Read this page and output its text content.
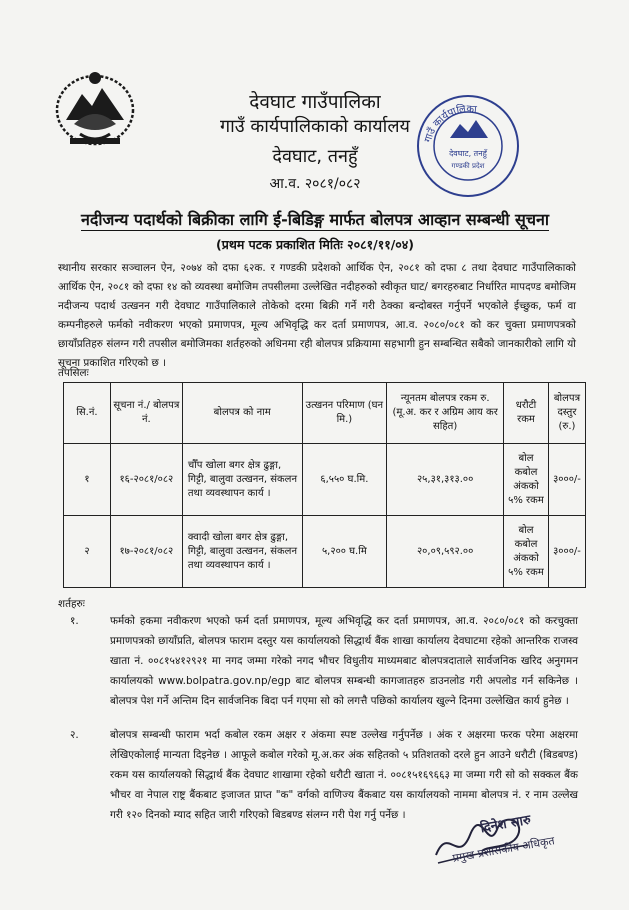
देवघाट गाउँपालिका
गाउँ कार्यपालिकाको कार्यालय
देवघाट, तनहुँ
आ.व. २०८१/०८२
गाउँ कार्यपालिका
देवघाट, तनहुँ
गण्डकी प्रदेश
नदीजन्य पदार्थको बिक्रीका लागि ई-बिडिङ्ग मार्फत बोलपत्र आव्हान सम्बन्धी सूचना
(प्रथम पटक प्रकाशित मितिः २०८१/११/०४)
स्थानीय सरकार सञ्चालन ऐन, २०७४ को दफा ६२क. र गण्डकी प्रदेशको आर्थिक ऐन, २०८१ को दफा ८ तथा देवघाट गाउँपालिकाको आर्थिक ऐन, २०८१ को दफा १४ को व्यवस्था बमोजिम तपसीलमा उल्लेखित नदीहरुको स्वीकृत घाट/ बगरहरुबाट निर्धारित मापदण्ड बमोजिम नदीजन्य पदार्थ उत्खनन गरी देवघाट गाउँपालिकाले तोकेको दरमा बिक्री गर्ने गरी ठेक्का बन्दोबस्त गर्नुपर्ने भएकोले ईच्छुक, फर्म वा कम्पनीहरुले फर्मको नवीकरण भएको प्रमाणपत्र, मूल्य अभिवृद्धि कर दर्ता प्रमाणपत्र, आ.व. २०८०/०८१ को कर चुक्ता प्रमाणपत्रको छायाँप्रतिहरु संलग्न गरी तपसील बमोजिमका शर्तहरुको अधिनमा रही बोलपत्र प्रक्रियामा सहभागी हुन सम्बन्धित सबैको जानकारीको लागि यो सूचना प्रकाशित गरिएको छ ।
तपसिलः
सि.नं.	सूचना नं./ बोलपत्र नं.	बोलपत्र को नाम	उत्खनन परिमाण (घन मि.)	न्यूनतम बोलपत्र रकम रु.(मू.अ. कर र अग्रिम आय कर सहित)	धरौटी रकम	बोलपत्र दस्तुर (रु.)
१	१६-२०८१/०८२	चौँप खोला बगर क्षेत्र ढुङ्गा, गिट्टी, बालुवा उत्खनन, संकलन तथा व्यवस्थापन कार्य ।	६,५५० घ.मि.	२५,३१,३१३.००	बोल कबोल अंकको ५% रकम	३०००/-
२	१७-२०८१/०८२	क्वादी खोला बगर क्षेत्र ढुङ्गा, गिट्टी, बालुवा उत्खनन, संकलन तथा व्यवस्थापन कार्य ।	५,२०० घ.मि	२०,०९,५९२.००	बोल कबोल अंकको ५% रकम	३०००/-
शर्तहरुः
१.	फर्मको हकमा नवीकरण भएको फर्म दर्ता प्रमाणपत्र, मूल्य अभिवृद्धि कर दर्ता प्रमाणपत्र, आ.व. २०८०/०८१ को करचुक्ता प्रमाणपत्रको छायाँप्रति, बोलपत्र फाराम दस्तुर यस कार्यालयको सिद्धार्थ बैंक शाखा कार्यालय देवघाटमा रहेको आन्तरिक राजस्व खाता नं. ००८१५४१२९२१ मा नगद जम्मा गरेको नगद भौचर विधुतीय माध्यमबाट बोलपत्रदाताले सार्वजनिक खरिद अनुगमन कार्यालयको www.bolpatra.gov.np/egp बाट बोलपत्र सम्बन्धी कागजातहरु डाउनलोड गरी अपलोड गर्न सकिनेछ । बोलपत्र पेश गर्ने अन्तिम दिन सार्वजनिक बिदा पर्न गएमा सो को लगत्तै पछिको कार्यालय खुल्ने दिनमा उल्लेखित कार्य हुनेछ ।
२.	बोलपत्र सम्बन्धी फाराम भर्दा कबोल रकम अक्षर र अंकमा स्पष्ट उल्लेख गर्नुपर्नेछ । अंक र अक्षरमा फरक परेमा अक्षरमा लेखिएकोलाई मान्यता दिइनेछ । आफूले कबोल गरेको मू.अ.कर अंक सहितको ५ प्रतिशतको दरले हुन आउने धरौटी (बिडबण्ड) रकम यस कार्यालयको सिद्धार्थ बैंक देवघाट शाखामा रहेको धरौटी खाता नं. ००८१५१६९६६३ मा जम्मा गरी सो को सक्कल बैंक भौचर वा नेपाल राष्ट्र बैंकबाट इजाजत प्राप्त "क" वर्गको वाणिज्य बैंकबाट यस कार्यालयको नाममा बोलपत्र नं. र नाम उल्लेख गरी १२० दिनको म्याद सहित जारी गरिएको बिडबण्ड संलग्न गरी पेश गर्नु पर्नेछ ।	दिनेश सारु
प्रमुख प्रशासकीय अधिकृत
